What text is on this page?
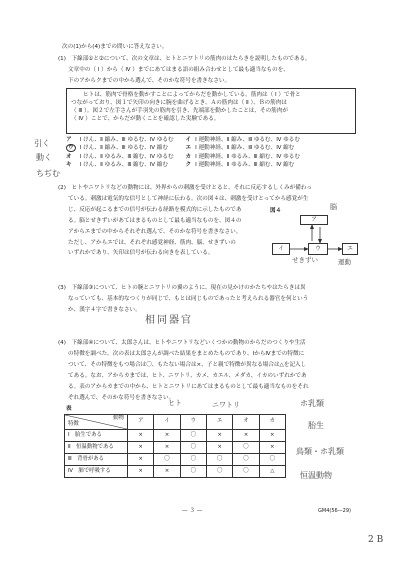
次の(1)から(4)までの問いに答えなさい。
(1)　下線部①と②について、次の文章は、ヒトとニワトリの筋肉のはたらきを説明したものである。
文章中の（ Ⅰ ）から（ Ⅳ ）までにあてはまる語の組み合わせとして最も適当なものを、
下のアからクまでの中から選んで、そのかな符号を書きなさい。
ヒトは、筋肉で骨格を動かすことによってからだを動かしている。筋肉は（ Ⅰ ）で骨と
つながっており、図１で矢印の向きに腕を曲げるとき、Ａの筋肉は（ Ⅱ ）、Ｂの筋肉は
（ Ⅲ ）。図２で左手さんが手羽先の筋肉を引き、先端部を動かしたことは、その筋肉が
（ Ⅳ ）ことで、からだが動くことを確認した実験である。
引く
動く
ちぢむ
ア	Ⅰ けん、Ⅱ 縮み、Ⅲ ゆるむ、Ⅳ ゆるむ	イ	Ⅰ 運動神経、Ⅱ 縮み、Ⅲ ゆるむ、Ⅳ ゆるむ
ウ	Ⅰ けん、Ⅱ 縮み、Ⅲ ゆるむ、Ⅳ 縮む	エ	Ⅰ 運動神経、Ⅱ 縮み、Ⅲ ゆるむ、Ⅳ 縮む
オ	Ⅰ けん、Ⅱ ゆるみ、Ⅲ 縮む、Ⅳ ゆるむ	カ	Ⅰ 運動神経、Ⅱ ゆるみ、Ⅲ 縮む、Ⅳ ゆるむ
キ	Ⅰ けん、Ⅱ ゆるみ、Ⅲ 縮む、Ⅳ 縮む	ク	Ⅰ 運動神経、Ⅱ ゆるみ、Ⅲ 縮む、Ⅳ 縮む
(2)　ヒトやニワトリなどの動物には、外界からの刺激を受けとると、それに反応するしくみが備わっ
ている。刺激は電気的な信号として神経に伝わる。次の図４は、刺激を受けとってから感覚が生
じ、反応が起こるまでの信号が伝わる経路を模式的に示したものであ
る。脳とせきずいがあてはまるものとして最も適当なものを、図４の
アからエまでの中からそれぞれ選んで、そのかな符号を書きなさい。
ただし、アからエでは、それぞれ感覚神経、筋肉、脳、せきずいの
いずれかであり、矢印は信号が伝わる向きを表している。
図４
ア
イ	ウ	エ
脳
せきずい	運動
(3)　下線部③について、ヒトの腕とニワトリの翼のように、現在の見かけのかたちやはたらきは異
なっていても、基本的なつくりが同じで、もとは同じものであったと考えられる器官を何という
か、漢字４字で書きなさい。
相同器官
(4)　下線部④について、太郎さんは、ヒトやニワトリなどいくつかの動物のからだのつくりや生活
の特徴を調べた。次の表は太郎さんが調べた結果をまとめたものであり、ⅠからⅣまでの特徴に
ついて、その特徴をもつ場合は〇、もたない場合は×、子と親で特徴が異なる場合は△を記入し
てある。なお、アからカまでは、ヒト、ニワトリ、カメ、カエル、メダカ、イカのいずれかであ
る。表のアからカまでの中から、ヒトとニワトリにあてはまるものとして最も適当なものをそれ
ぞれ選んで、そのかな符号を書きなさい。
表
ヒト	ニワトリ
動物
特徴	ア	イ	ウ	エ	オ	カ
Ⅰ　胎生である	×	×	〇	×	×	×
Ⅱ　恒温動物である	×	×	〇	×	〇	×
Ⅲ　背骨がある	×	〇	〇	〇	〇	〇
Ⅳ　肺で呼吸する	×	×	〇	〇	〇	△
ホ乳類
胎生
鳥類・ホ乳類
恒温動物
— ３ —	GM4(56—29)
2 B
